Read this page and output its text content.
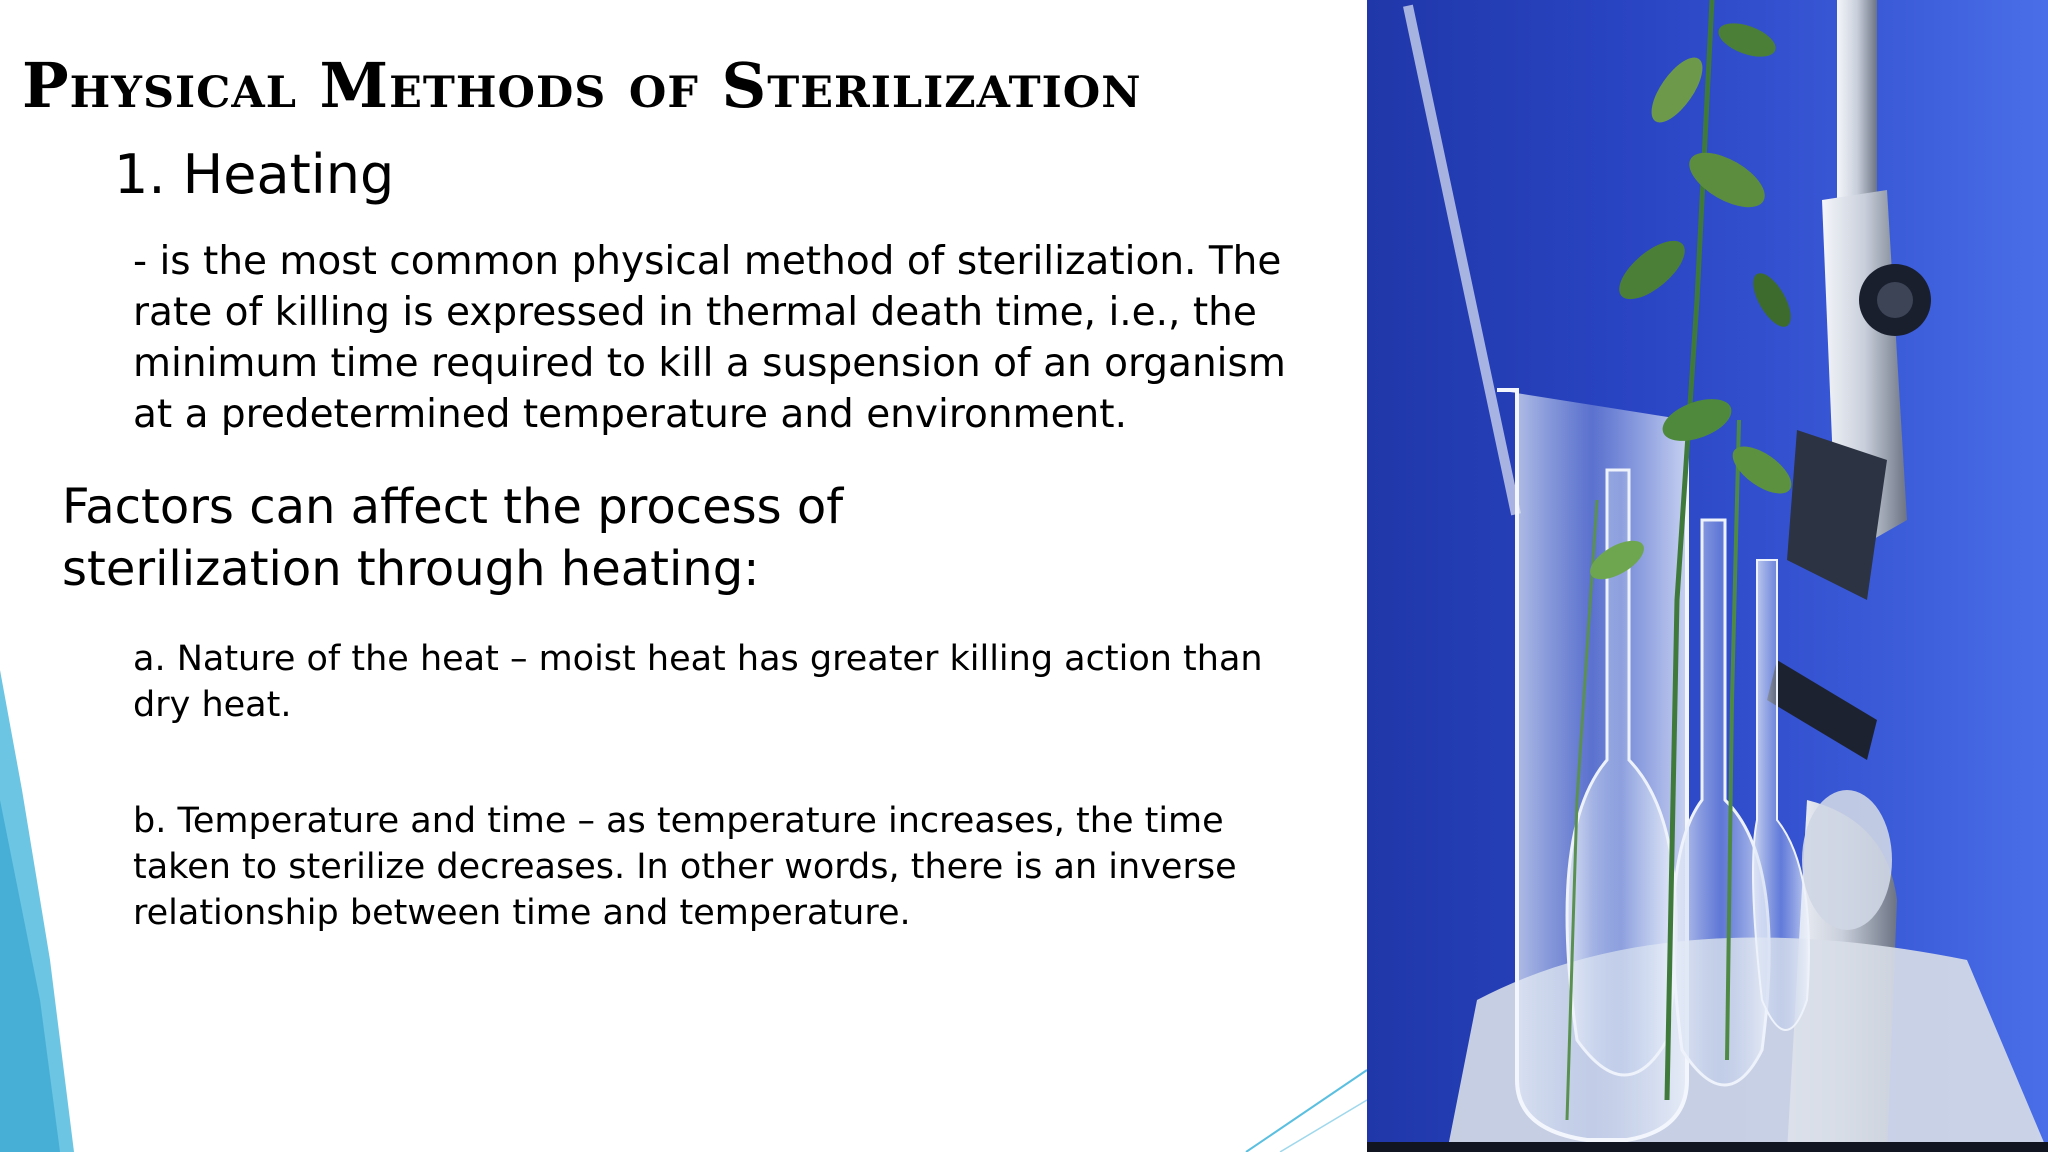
Physical Methods of Sterilization
1. Heating
- is the most common physical method of sterilization. The rate of killing is expressed in thermal death time, i.e., the minimum time required to kill a suspension of an organism at a predetermined temperature and environment.
Factors can affect the process of sterilization through heating:
a. Nature of the heat – moist heat has greater killing action than dry heat.
b. Temperature and time – as temperature increases, the time taken to sterilize decreases. In other words, there is an inverse relationship between time and temperature.
